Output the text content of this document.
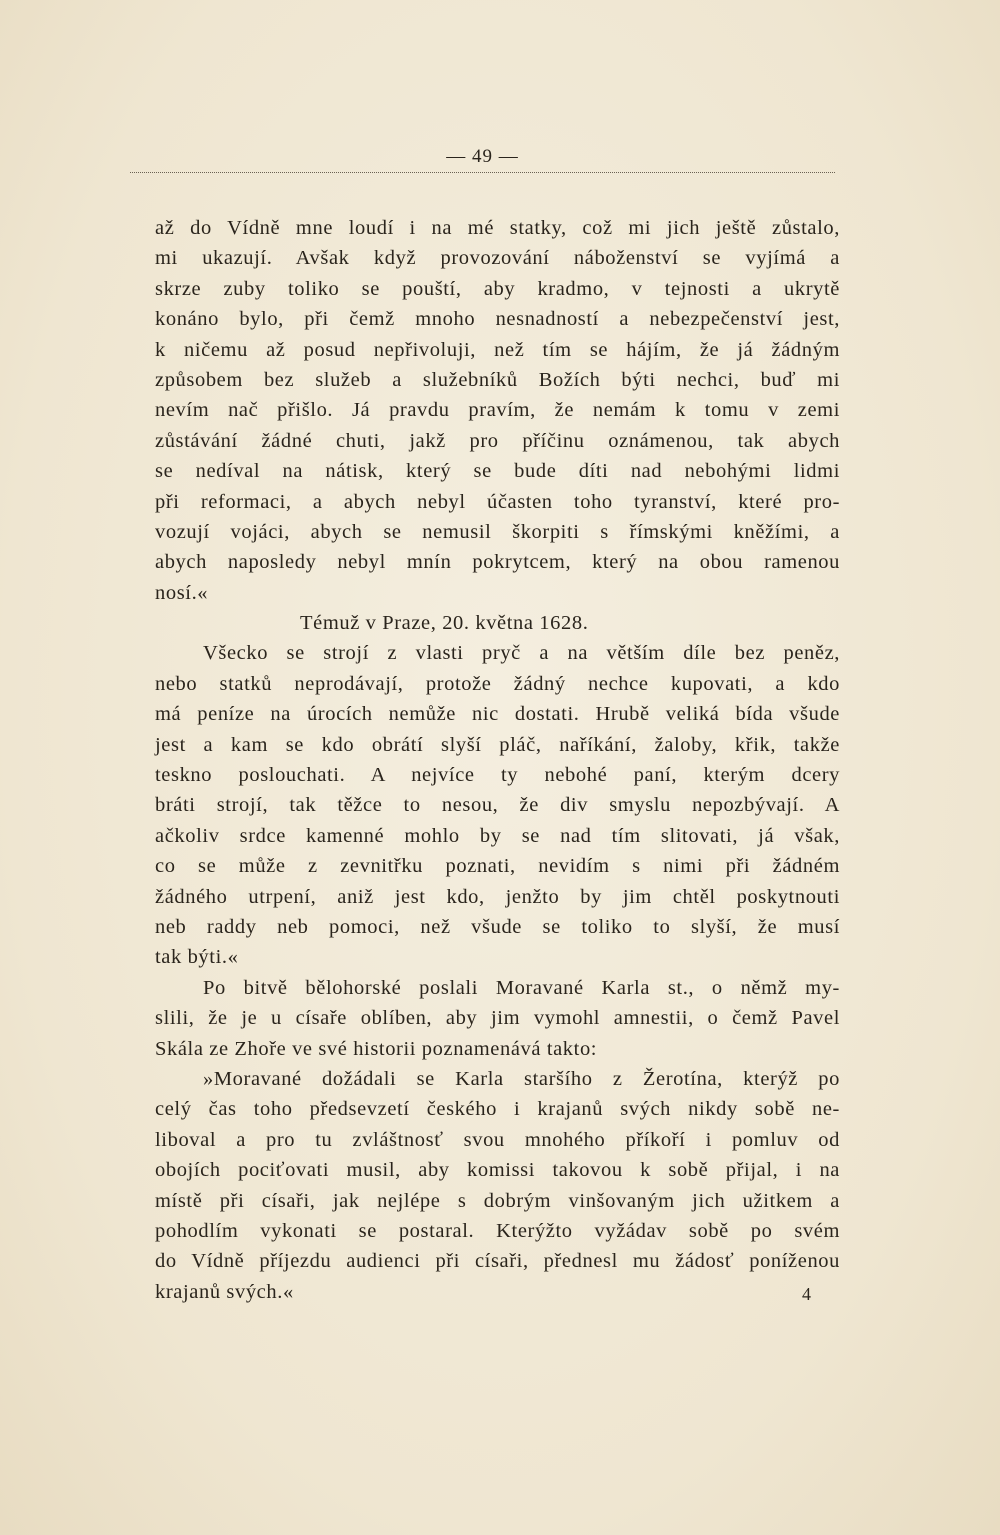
— 49 —
až do Vídně mne loudí i na mé statky, což mi jich ještě zůstalo,
mi ukazují. Avšak když provozování náboženství se vyjímá a
skrze zuby toliko se pouští, aby kradmo, v tejnosti a ukrytě
konáno bylo, při čemž mnoho nesnadností a nebezpečenství jest,
k ničemu až posud nepřivoluji, než tím se hájím, že já žádným
způsobem bez služeb a služebníků Božích býti nechci, buď mi
nevím nač přišlo. Já pravdu pravím, že nemám k tomu v zemi
zůstávání žádné chuti, jakž pro příčinu oznámenou, tak abych
se nedíval na nátisk, který se bude díti nad nebohými lidmi
při reformaci, a abych nebyl účasten toho tyranství, které pro-
vozují vojáci, abych se nemusil škorpiti s římskými kněžími, a
abych naposledy nebyl mnín pokrytcem, který na obou ramenou
nosí.«
Témuž v Praze, 20. května 1628.
Všecko se strojí z vlasti pryč a na větším díle bez peněz,
nebo statků neprodávají, protože žádný nechce kupovati, a kdo
má peníze na úrocích nemůže nic dostati. Hrubě veliká bída všude
jest a kam se kdo obrátí slyší pláč, naříkání, žaloby, křik, takže
teskno poslouchati. A nejvíce ty nebohé paní, kterým dcery
bráti strojí, tak těžce to nesou, že div smyslu nepozbývají. A
ačkoliv srdce kamenné mohlo by se nad tím slitovati, já však,
co se může z zevnitřku poznati, nevidím s nimi při žádném
žádného utrpení, aniž jest kdo, jenžto by jim chtěl poskytnouti
neb raddy neb pomoci, než všude se toliko to slyší, že musí
tak býti.«
Po bitvě bělohorské poslali Moravané Karla st., o němž my-
slili, že je u císaře oblíben, aby jim vymohl amnestii, o čemž Pavel
Skála ze Zhoře ve své historii poznamenává takto:
»Moravané dožádali se Karla staršího z Žerotína, kterýž po
celý čas toho předsevzetí českého i krajanů svých nikdy sobě ne-
liboval a pro tu zvláštnosť svou mnohého příkoří i pomluv od
obojích pociťovati musil, aby komissi takovou k sobě přijal, i na
místě při císaři, jak nejlépe s dobrým vinšovaným jich užitkem a
pohodlím vykonati se postaral. Kterýžto vyžádav sobě po svém
do Vídně příjezdu audienci při císaři, přednesl mu žádosť poníženou
krajanů svých.«	4
